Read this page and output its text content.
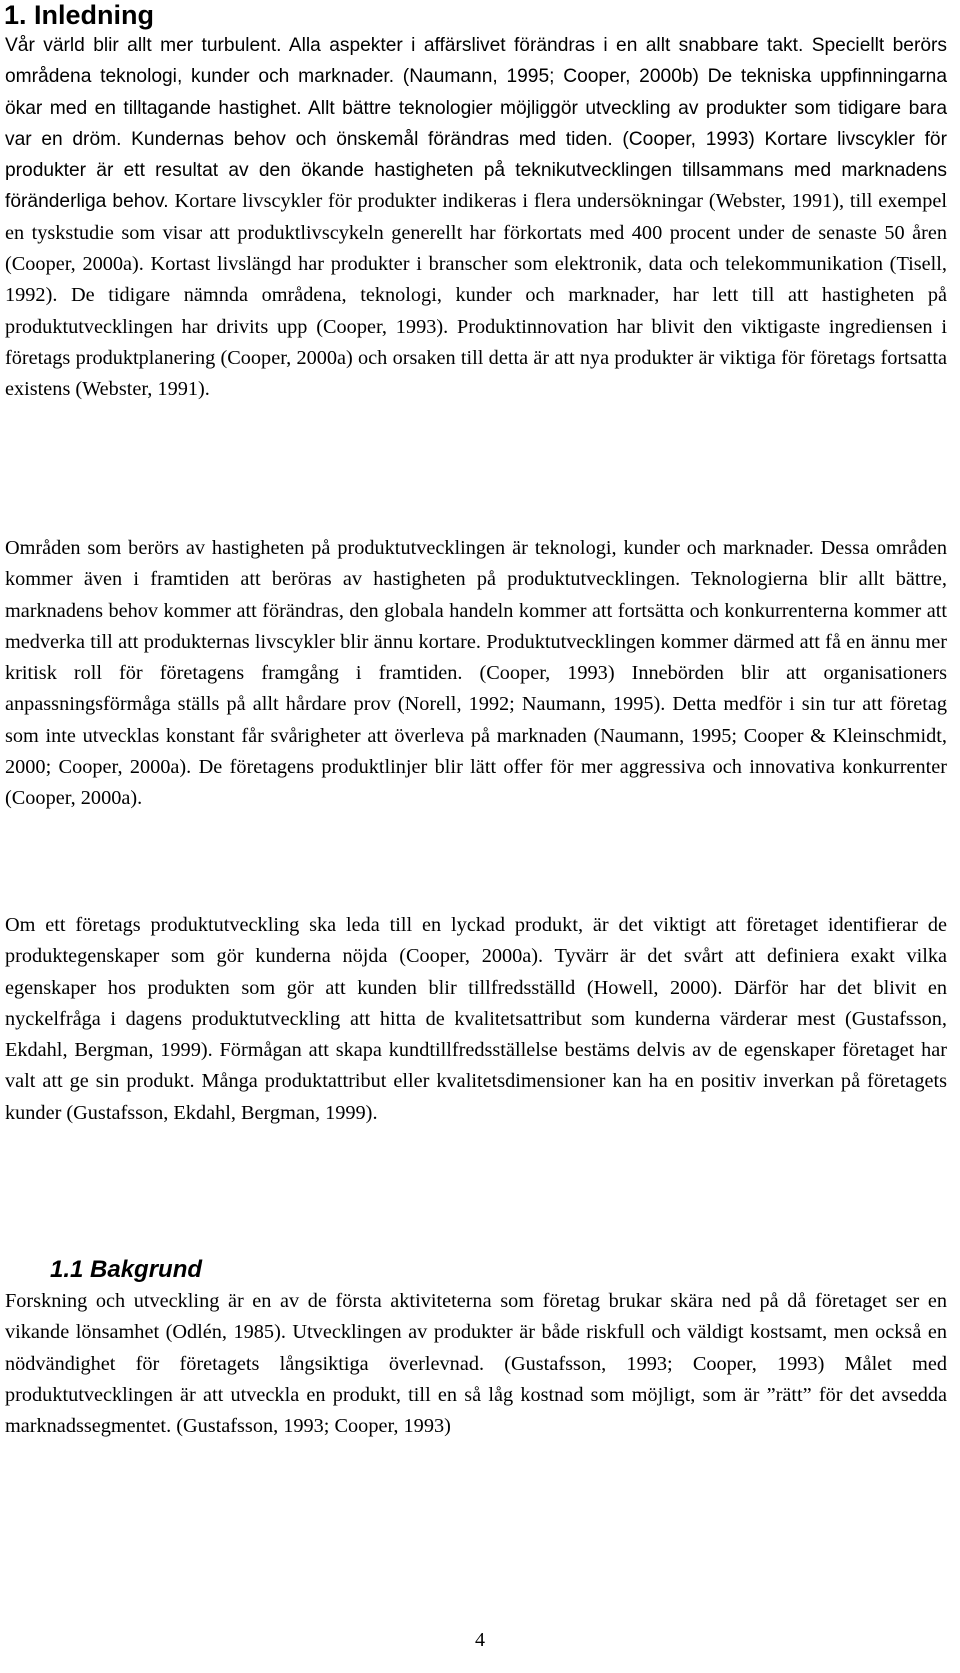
1. Inledning

Vår värld blir allt mer turbulent. Alla aspekter i affärslivet förändras i en allt snabbare takt. Speciellt berörs områdena teknologi, kunder och marknader. (Naumann, 1995; Cooper, 2000b) De tekniska uppfinningarna ökar med en tilltagande hastighet. Allt bättre teknologier möjliggör utveckling av produkter som tidigare bara var en dröm. Kundernas behov och önskemål förändras med tiden. (Cooper, 1993) Kortare livscykler för produkter är ett resultat av den ökande hastigheten på teknikutvecklingen tillsammans med marknadens föränderliga behov. Kortare livscykler för produkter indikeras i flera undersökningar (Webster, 1991), till exempel en tyskstudie som visar att produktlivscykeln generellt har förkortats med 400 procent under de senaste 50 åren (Cooper, 2000a). Kortast livslängd har produkter i branscher som elektronik, data och telekommunikation (Tisell, 1992). De tidigare nämnda områdena, teknologi, kunder och marknader, har lett till att hastigheten på produktutvecklingen har drivits upp (Cooper, 1993). Produktinnovation har blivit den viktigaste ingrediensen i företags produktplanering (Cooper, 2000a) och orsaken till detta är att nya produkter är viktiga för företags fortsatta existens (Webster, 1991).

Områden som berörs av hastigheten på produktutvecklingen är teknologi, kunder och marknader. Dessa områden kommer även i framtiden att beröras av hastigheten på produktutvecklingen. Teknologierna blir allt bättre, marknadens behov kommer att förändras, den globala handeln kommer att fortsätta och konkurrenterna kommer att medverka till att produkternas livscykler blir ännu kortare. Produktutvecklingen kommer därmed att få en ännu mer kritisk roll för företagens framgång i framtiden. (Cooper, 1993) Innebörden blir att organisationers anpassningsförmåga ställs på allt hårdare prov (Norell, 1992; Naumann, 1995). Detta medför i sin tur att företag som inte utvecklas konstant får svårigheter att överleva på marknaden (Naumann, 1995; Cooper & Kleinschmidt, 2000; Cooper, 2000a). De företagens produktlinjer blir lätt offer för mer aggressiva och innovativa konkurrenter (Cooper, 2000a).

Om ett företags produktutveckling ska leda till en lyckad produkt, är det viktigt att företaget identifierar de produktegenskaper som gör kunderna nöjda (Cooper, 2000a). Tyvärr är det svårt att definiera exakt vilka egenskaper hos produkten som gör att kunden blir tillfredsställd (Howell, 2000). Därför har det blivit en nyckelfråga i dagens produktutveckling att hitta de kvalitetsattribut som kunderna värderar mest (Gustafsson, Ekdahl, Bergman, 1999). Förmågan att skapa kundtillfredsställelse bestäms delvis av de egenskaper företaget har valt att ge sin produkt. Många produktattribut eller kvalitetsdimensioner kan ha en positiv inverkan på företagets kunder (Gustafsson, Ekdahl, Bergman, 1999).

1.1 Bakgrund

Forskning och utveckling är en av de första aktiviteterna som företag brukar skära ned på då företaget ser en vikande lönsamhet (Odlén, 1985). Utvecklingen av produkter är både riskfull och väldigt kostsamt, men också en nödvändighet för företagets långsiktiga överlevnad. (Gustafsson, 1993; Cooper, 1993) Målet med produktutvecklingen är att utveckla en produkt, till en så låg kostnad som möjligt, som är ”rätt” för det avsedda marknadssegmentet. (Gustafsson, 1993; Cooper, 1993)

4
